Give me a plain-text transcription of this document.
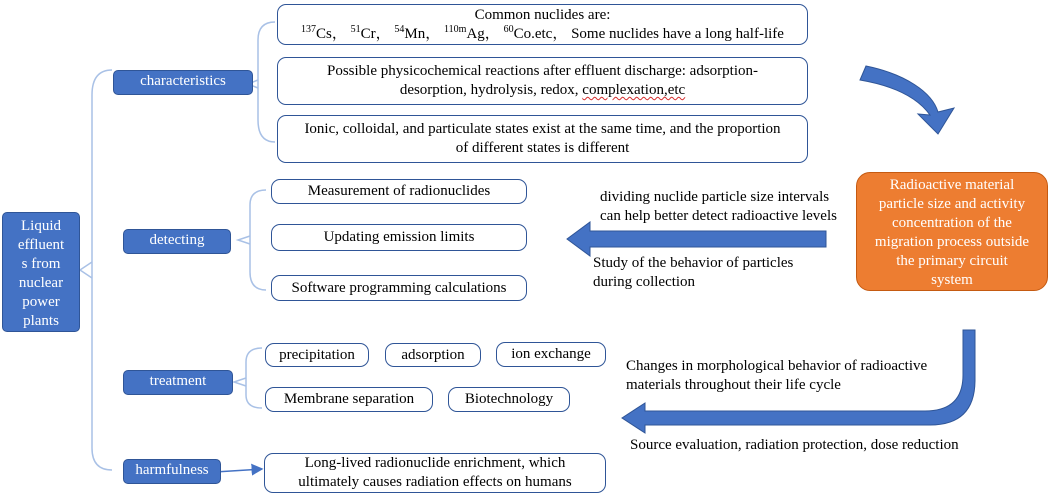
Liquid
effluent
s from
nuclear
power
plants
characteristics
detecting
treatment
harmfulness
Common nuclides are:
$^{137}$Cs， $^{51}$Cr， $^{54}$Mn， $^{110m}$Ag， $^{60}$Co.etc， Some nuclides have a long half-life
Possible physicochemical reactions after effluent discharge: adsorption-
desorption, hydrolysis, redox, complexation,etc
Ionic, colloidal, and particulate states exist at the same time, and the proportion
of different states is different
Measurement of radionuclides
Updating emission limits
Software programming calculations
precipitation	adsorption	ion exchange
Membrane separation	Biotechnology
Long-lived radionuclide enrichment, which
ultimately causes radiation effects on humans
Radioactive material
particle size and activity
concentration of the
migration process outside
the primary circuit
system
dividing nuclide particle size intervals
can help better detect radioactive levels
Study of the behavior of particles
during collection
Changes in morphological behavior of radioactive
materials throughout their life cycle
Source evaluation, radiation protection, dose reduction
